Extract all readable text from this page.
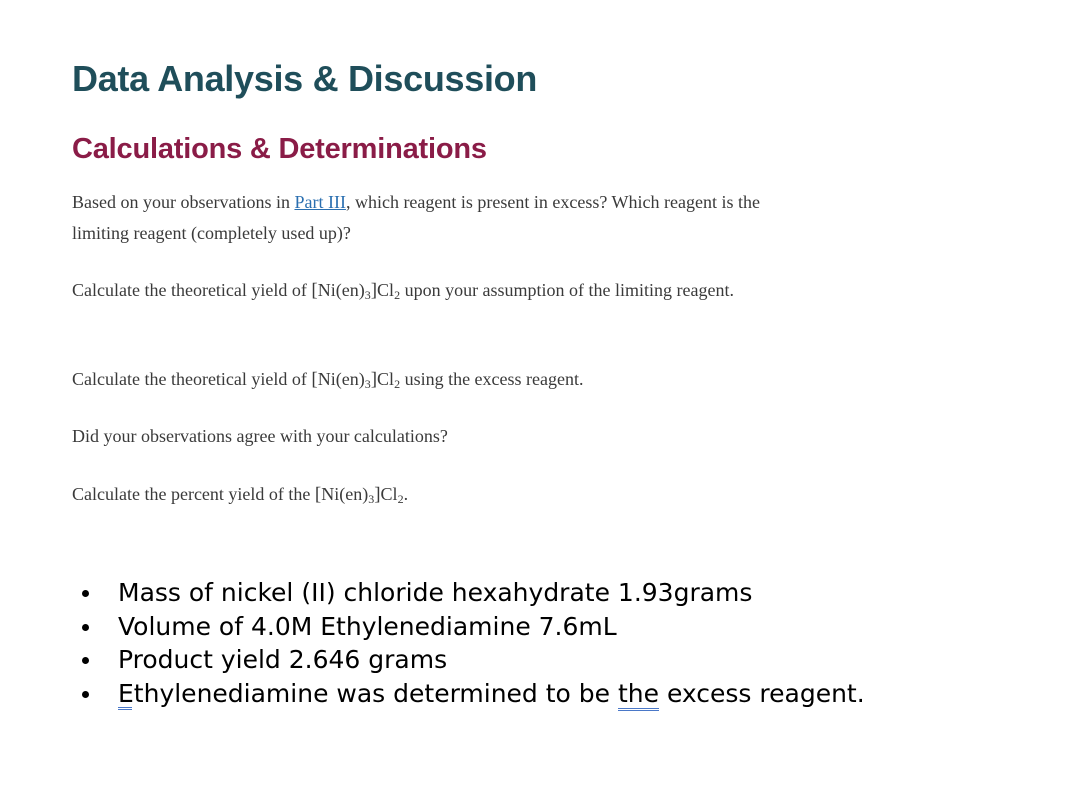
Data Analysis & Discussion
Calculations & Determinations
Based on your observations in Part III, which reagent is present in excess? Which reagent is the limiting reagent (completely used up)?
Calculate the theoretical yield of $[Ni(en)_3]Cl_2$ upon your assumption of the limiting reagent.
Calculate the theoretical yield of $[Ni(en)_3]Cl_2$ using the excess reagent.
Did your observations agree with your calculations?
Calculate the percent yield of the $[Ni(en)_3]Cl_2$.
Mass of nickel (II) chloride hexahydrate 1.93grams
Volume of 4.0M Ethylenediamine 7.6mL
Product yield 2.646 grams
Ethylenediamine was determined to be the excess reagent.
